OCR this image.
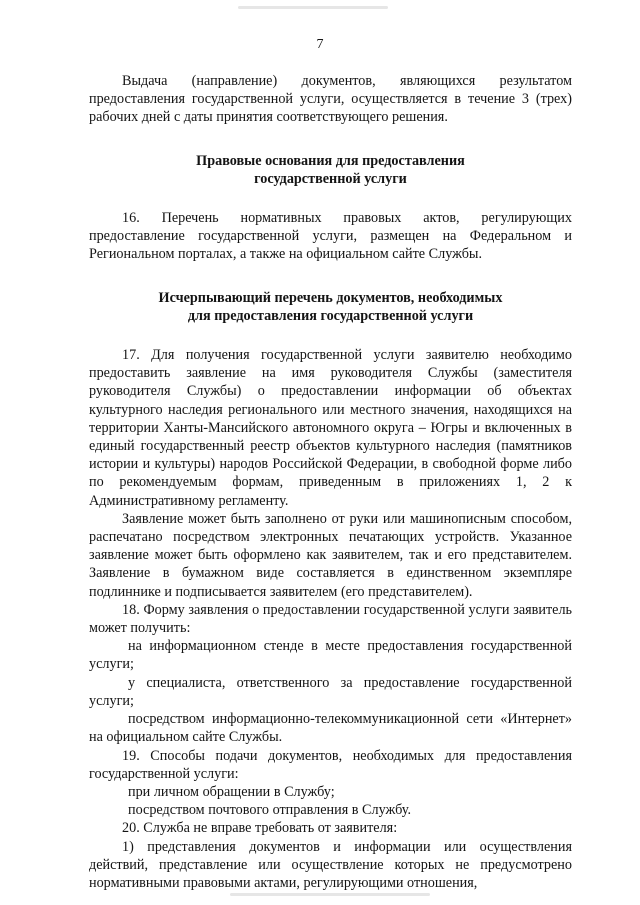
7

Выдача (направление) документов, являющихся результатом предоставления государственной услуги, осуществляется в течение 3 (трех) рабочих дней с даты принятия соответствующего решения.

Правовые основания для предоставления
государственной услуги

16. Перечень нормативных правовых актов, регулирующих предоставление государственной услуги, размещен на Федеральном и Региональном порталах, а также на официальном сайте Службы.

Исчерпывающий перечень документов, необходимых
для предоставления государственной услуги

17. Для получения государственной услуги заявителю необходимо предоставить заявление на имя руководителя Службы (заместителя руководителя Службы) о предоставлении информации об объектах культурного наследия регионального или местного значения, находящихся на территории Ханты-Мансийского автономного округа – Югры и включенных в единый государственный реестр объектов культурного наследия (памятников истории и культуры) народов Российской Федерации, в свободной форме либо по рекомендуемым формам, приведенным в приложениях 1, 2 к Административному регламенту.

Заявление может быть заполнено от руки или машинописным способом, распечатано посредством электронных печатающих устройств. Указанное заявление может быть оформлено как заявителем, так и его представителем. Заявление в бумажном виде составляется в единственном экземпляре подлиннике и подписывается заявителем (его представителем).

18. Форму заявления о предоставлении государственной услуги заявитель может получить:

на информационном стенде в месте предоставления государственной услуги;

у специалиста, ответственного за предоставление государственной услуги;

посредством информационно-телекоммуникационной сети «Интернет» на официальном сайте Службы.

19. Способы подачи документов, необходимых для предоставления государственной услуги:

при личном обращении в Службу;

посредством почтового отправления в Службу.

20. Служба не вправе требовать от заявителя:

1) представления документов и информации или осуществления действий, представление или осуществление которых не предусмотрено нормативными правовыми актами, регулирующими отношения,
